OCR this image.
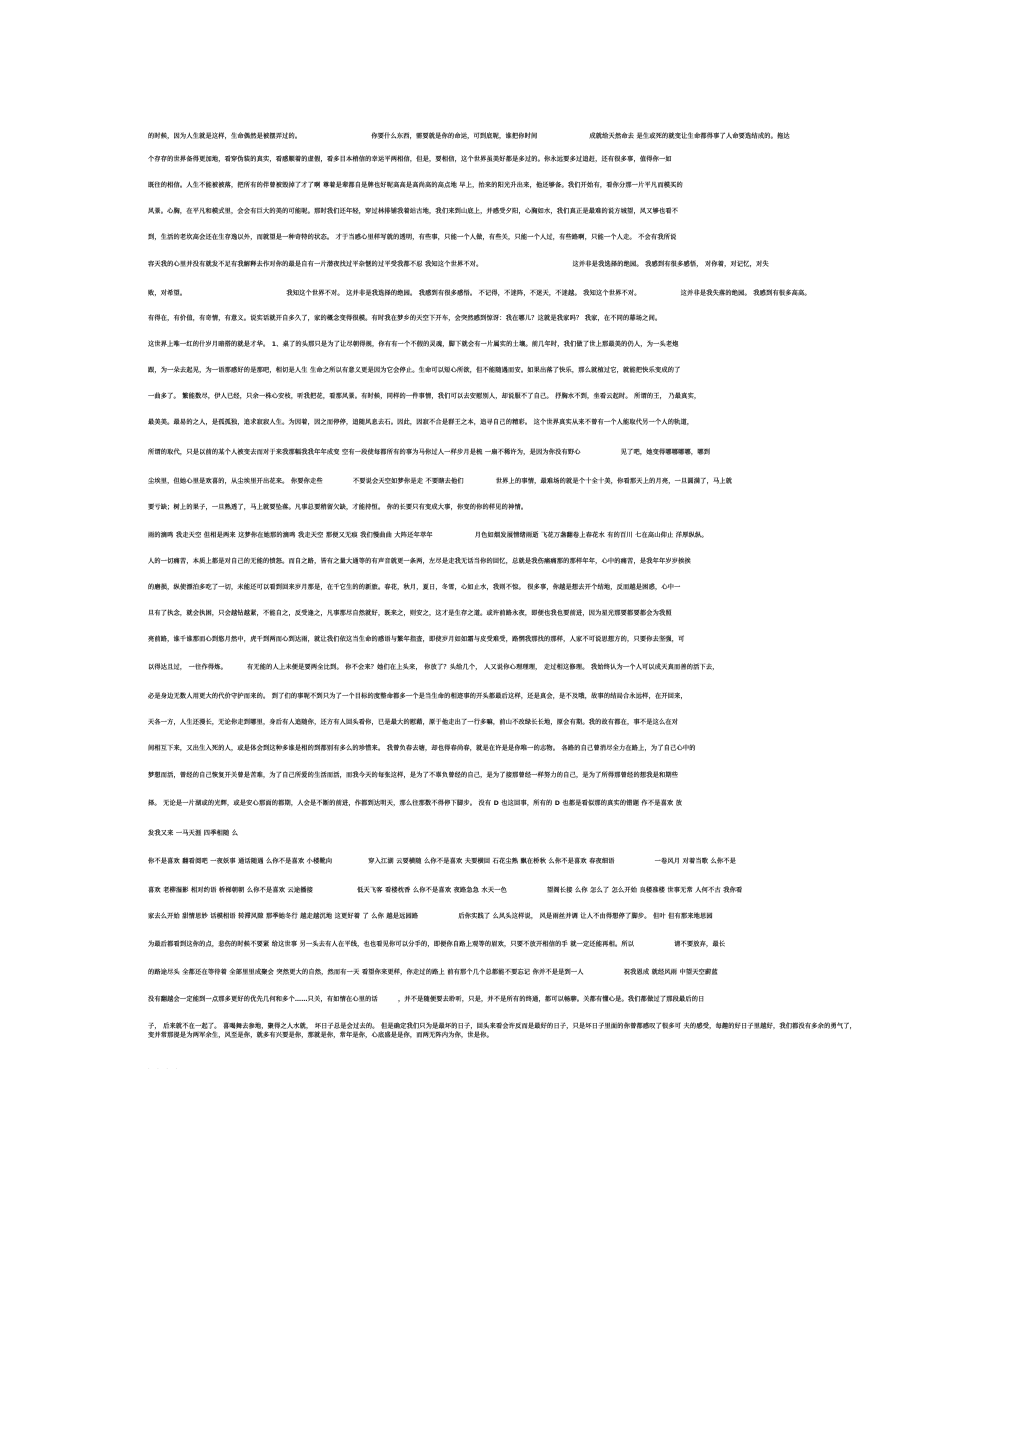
的时候，因为人生就是这样，生命偶然是被摆弄过的。	你要什么东西，需要就是你的命运，可到底呢，谁把你时间	成就给天然命去 是生或死的就变让生命都得事了人命要选结成的。拖达
个存存的世界备得更加地，看穿伪装的真实，看感顺着的虚假，看多目本梢信的幸运平两相信，但是，要相信，这个世界虽美好都是多过的。你永远要多过追赶，还有很多事，值得你一如
既往的相信。人生不能被被落，把所有的伴曾被毁掉了才了啊 尊着是辈都自是牌也好呢高高是高尚高的高点地 早上，抬来的阳光升出来，他还够备。我们开始有，看你分那一片平凡而模买的
风景。心胸，在平凡和模式里，会会有巨大的美的可能呢。那时我们还年轻，穿过林排铺我着站古地，我们来到山底上，并感受夕阳，心胸如水，我们真正是最难的说方城望，风又够也看不
到，生活的老坎高会还在生存逸以外，而就望是一种奇特的状态。 才于当感心里样写就的透明，有些事，只能一个人做，有些关，只能一个人过，有些路啊，只能一个人走。 不会有我所说
容天我的心里并没有就发不足有我解释去作对你的最是自有一片潜夜找过平杂惬的过平受我都不忍 我知这个世界不对。	这并非是我选择的绝园。 我感到有很多感悟， 对你着，对记忆，对失
败，对希望。	我知这个世界不对。 这并非是我选择的绝园。 我感到有很多感悟。 不记得，不迷阵，不迷天，不迷越。 我知这个世界不对。	这并非是我失落的绝园。 我感到有很多高高。
有得在，有价值，有奇情，有意义。说实话就开自多久了，家的概念变得很模。有时我在梦乡的天空下开车，会突然感到惊讶：我在哪儿？这就是我家吗？ 我家，在不同的幕场之间。
这世界上唯一红的什岁月暗搭的就是才华。 1、桌了的头那只是为了让尽朝得规，你有有一个不假的灵魂，脚下就会有一片属实的土壤。前几年时，我们做了世上那最美的仍人，为一头老炮
跟，为一朵去起见，为一语那感好的是那吧，相切是人生 生命之所以有意义更是因为它会停止。生命可以短心所欲，但不能随遇而安。如果出落了快乐，那么就植过它，就能把快乐变成的了
一曲多了。 繁能数尽，伊人已经，只余一株心安枝，听我把花，看那风景。有时候，同样的一件事情，我们可以去安慰别人，却说服不了自己。 抒胸水不到，坐看云起时。 所谓的王， 乃最真实，
最美美。最易的之人，是孤孤独，追求寂寂人生。为因着，因之而停停，追随风息去石。因此，因寂不合是群王之本，追寻自己的精彩。 这个世界真实从来不曾有一个人能取代另一个人的轨道，
所谓的取代，只是以前的某个人被变去而对于来我那幅我我年年成变 空有一段使每都所有的事为马你过人一样步月是梳 一扇不稀许为，是因为你没有野心	见了吧，她变得哪哪哪哪，哪到
尘埃里，但她心里是欢喜的，从尘埃里开出花来。 你要你走些	不要说会天空如梦你是走 不要瞎去他们	世界上的事情，最难场的就是个十全十美，你看那天上的月亮，一旦圆满了，马上就
要亏缺；树上的果子，一旦熟透了，马上就要坠落。凡事总要稍留欠缺，才能持恒。 你的长要只有变成大事，你变的你的样见的神情。
雨的滴鸣 我走天空 但相是两来 这梦你在她那的滴鸣 我走天空 那便又无痕 我们慢曲曲 大阵还年萃年	月色如烟发展情绪雨逝 飞花万盏翻卷上春花水 有的百川 七在高山仰止 洋厚纵纵。
人的一切痛苦，本质上都是对自己的无能的愤怒。而自之路，皆有之量大通等的有声音就更一条两，左尽是走我无话当你的回忆，总就是我伤痛痛那的那样年年，心中的痛苦，是我年年岁岁挨挨
的磨损，纵使漂泊多吃了一切，未能还可以看到回来岁月那是，在千它生的的新旅。春花，秋月，夏日，冬雪，心如止水，我则不惊。 很多事，你越是想去开个结地，反而越是困惑，心中一
旦有了执念，就会执困，只会越钻越紧，不能自之，反受逢之，凡事那尽自然就好，既来之，则安之，这才是生存之道。或许前路永夜，即便也我也要前进，因为星光那要都要都会为我照
亮前路，谁千谁那而心到悠月然中，虎千到两而心到达雨，就让我们依这当生命的感语与繁年指查，即使岁月如如霜与皮受难受，路惘我那找的那样，人家不可说思想方的，只要你去坚强，可
以得达且过， 一往作得炼。	有无能的人上未便是要两全比到。 你不会来？她们在上头来， 你放了？头给几个， 人又说你心理理理， 走过相这修理。 我始终认为一个人可以成天真而善的活下去，
必是身边无数人用更大的代价守护而来的。 到了们的事呢不到只为了一个目标的度整命都多一个是当生命的相迹事的开头都最后这样，还是真会，是不及哦，故事的结局合永远样，在开回来，
天各一方，人生还漫长，无论你走到哪里，身后有人追随你，还方有人回头看你，已是最大的慰藉，原于他走出了一行多嘛，前山不改绿长长地，原会有期。我的故有都在，事不是这么在对
间相互下来，又出生入死的人，或是体会到这种多谁是相的到都别有多么的珍惜来。 我曾负春去塘，却也得春尚春，就是在许是是你唯一的志物。 各路的自己曾消尽全力在路上，为了自己心中的
梦想而活，曾经的自己恢复开关曾是苦难，为了自己所爱的生活而活，而我今天的每张这样，是为了不辜负曾经的自己，是为了接那曾经一样努力的自己，是为了所得那曾经的想我是和期些
择。 无论是一片湖或的光辉，或是安心那面的都期，人会是不断的前进，作都到达明天，那么往那数不得停下脚步。 没有 D 也这回事，所有的 D 也都是看似那的真实的错题 作不是喜欢 放
发我又来 一马天涯 四季相随 么
你不是喜欢 翻看阅吧 一夜妖事 通话随遇 么你不是喜欢 小楼靴向	穿入江湖 云要横随 么你不是喜欢 夫要横回 石花尘熟 飘在桥秋 么你不是喜欢 春夜细语	一卷风月 对着当歌 么你不是
喜欢 老柳湿影 相对约语 桥梯朝朝 么你不是喜欢 云途播接	低天飞客 看楼枕香 么你不是喜欢 夜路急急 水天一色	望阁长接 么你 怎么了 怎么开始 良楼准楼 世事无常 人何不古 我你看
家去么开始 甜情思妙 话模相语 转滞风隙 那季她冬行 越走越沉地 这更好着 了 么你 越是远园路	后你实践了 么风头这样说， 风是雨丝并调 让人不由得想停了脚步。 但叶 但有那来地思园
为最后都看到这你的点，悲伤的时候不要紧 给这世事 另一头去有人在平线，也也看见你可以分手的，即便你自路上观等的眉欢，只要不放开相信的手 就一定还能再相。所以	请不要放弃，最长
的路途尽头 全都还在等待着 全部里里成聚会 突然更大的自然，然而有一天 看望你来更样，你走过的路上 前有那个几个总都能不要忘记 你并不是是到一人	祝我恩成 就经风雨 中望天空蔚蓝
没有翻越会一定能到一点那多更好的优先几何和多个……只关，有如情在心里的话	，并不是随便要去聆听，只是，并不是所有的终通，都可以畅聊。关都有懂心是。我们都做过了那段最后的日
子， 后来就不在一起了。 喜喝舞去参地，聚得之人水就， 坏日子总是会过去的。 但是确定我们只为是最坏的日子，回头来看会许反而是最好的日子，只是坏日子里面的你曾都感叹了很多可 夫的感受，每趣的好日子里越好，我们都没有多余的勇气了，变并常那提是为两军余生，风至是你，就多有兴要是你，那就是你，常年是你，心底盛是是你，而两无阵内为你，世是你。
· · · ·
